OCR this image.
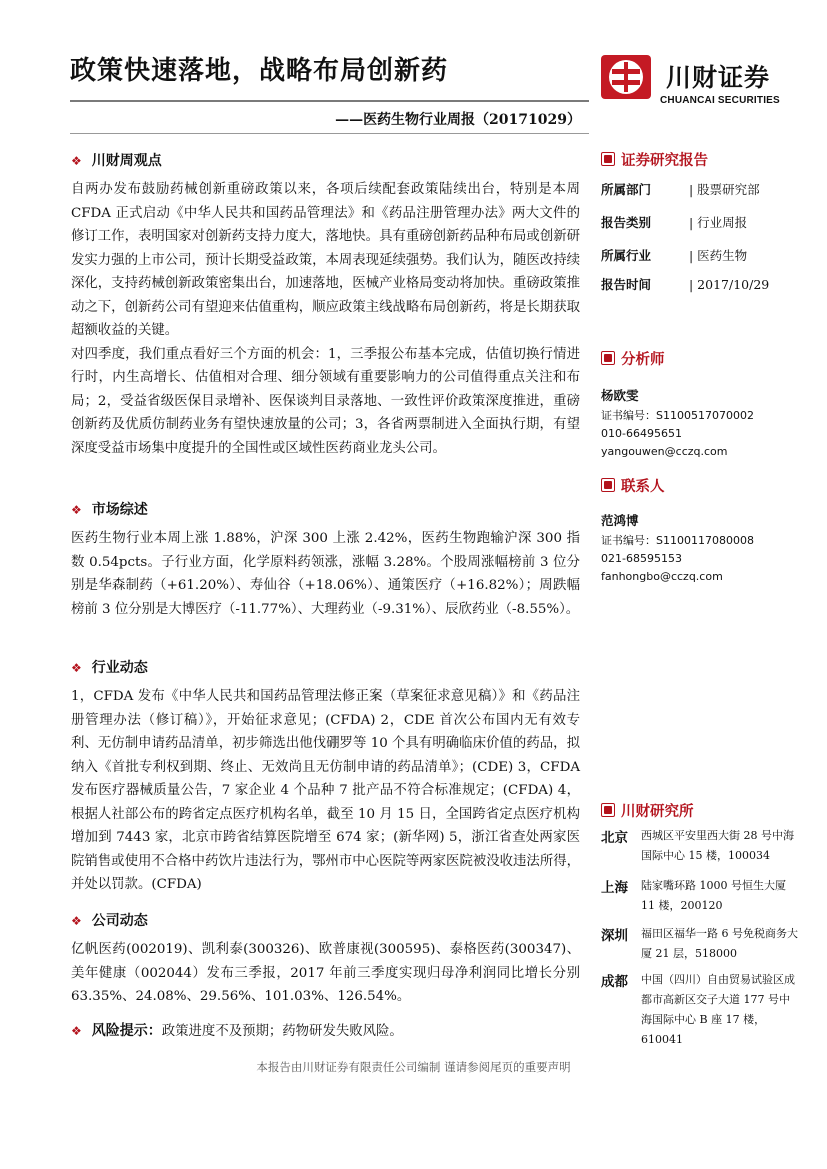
政策快速落地，战略布局创新药
——医药生物行业周报（20171029）
川财证券
CHUANCAI SECURITIES
❖ 川财周观点

自两办发布鼓励药械创新重磅政策以来，各项后续配套政策陆续出台，特别是本周 CFDA 正式启动《中华人民共和国药品管理法》和《药品注册管理办法》两大文件的修订工作，表明国家对创新药支持力度大，落地快。具有重磅创新药品种布局或创新研发实力强的上市公司，预计长期受益政策，本周表现延续强势。我们认为，随医改持续深化，支持药械创新政策密集出台，加速落地，医械产业格局变动将加快。重磅政策推动之下，创新药公司有望迎来估值重构，顺应政策主线战略布局创新药，将是长期获取超额收益的关键。

对四季度，我们重点看好三个方面的机会：1，三季报公布基本完成，估值切换行情进行时，内生高增长、估值相对合理、细分领域有重要影响力的公司值得重点关注和布局；2，受益省级医保目录增补、医保谈判目录落地、一致性评价政策深度推进，重磅创新药及优质仿制药业务有望快速放量的公司；3，各省两票制进入全面执行期，有望深度受益市场集中度提升的全国性或区域性医药商业龙头公司。

❖ 市场综述

医药生物行业本周上涨 1.88%，沪深 300 上涨 2.42%，医药生物跑输沪深 300 指数 0.54pcts。子行业方面，化学原料药领涨，涨幅 3.28%。个股周涨幅榜前 3 位分别是华森制药（+61.20%）、寿仙谷（+18.06%）、通策医疗（+16.82%）；周跌幅榜前 3 位分别是大博医疗（-11.77%）、大理药业（-9.31%）、辰欣药业（-8.55%）。

❖ 行业动态

1，CFDA 发布《中华人民共和国药品管理法修正案（草案征求意见稿）》和《药品注册管理办法（修订稿）》，开始征求意见；(CFDA) 2，CDE 首次公布国内无有效专利、无仿制申请药品清单，初步筛选出他伐硼罗等 10 个具有明确临床价值的药品，拟纳入《首批专利权到期、终止、无效尚且无仿制申请的药品清单》；(CDE) 3，CFDA 发布医疗器械质量公告，7 家企业 4 个品种 7 批产品不符合标准规定；(CFDA) 4，根据人社部公布的跨省定点医疗机构名单，截至 10 月 15 日，全国跨省定点医疗机构增加到 7443 家，北京市跨省结算医院增至 674 家；(新华网) 5，浙江省查处两家医院销售或使用不合格中药饮片违法行为，鄂州市中心医院等两家医院被没收违法所得，并处以罚款。(CFDA)

❖ 公司动态

亿帆医药(002019)、凯利泰(300326)、欧普康视(300595)、泰格医药(300347)、美年健康（002044）发布三季报，2017 年前三季度实现归母净利润同比增长分别 63.35%、24.08%、29.56%、101.03%、126.54%。

❖ 风险提示：政策进度不及预期；药物研发失败风险。
证券研究报告
所属部门	| 股票研究部
报告类别	| 行业周报
所属行业	| 医药生物
报告时间	| 2017/10/29
分析师
杨欧雯
证书编号：S1100517070002
010-66495651
yangouwen@cczq.com
联系人
范鸿博
证书编号：S1100117080008
021-68595153
fanhongbo@cczq.com
川财研究所
北京 西城区平安里西大街 28 号中海国际中心 15 楼，100034
上海 陆家嘴环路 1000 号恒生大厦 11 楼，200120
深圳 福田区福华一路 6 号免税商务大厦 21 层，518000
成都 中国（四川）自由贸易试验区成都市高新区交子大道 177 号中海国际中心 B 座 17 楼，610041
本报告由川财证券有限责任公司编制 谨请参阅尾页的重要声明
